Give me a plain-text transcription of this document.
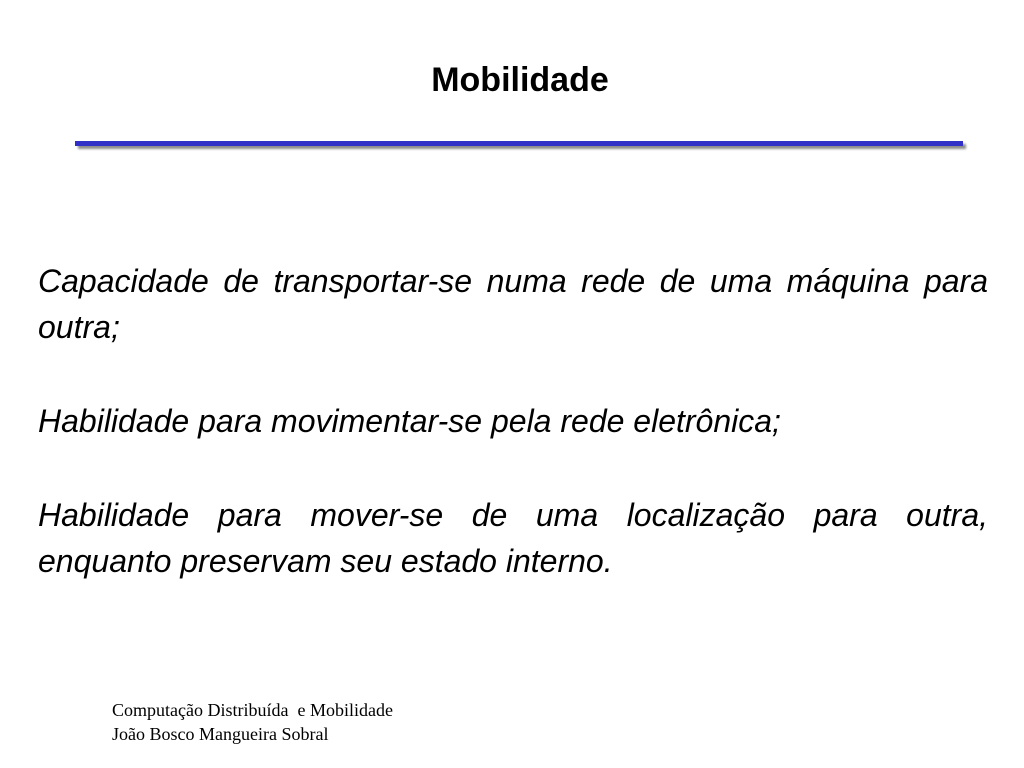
Mobilidade

Capacidade de transportar-se numa rede de uma máquina para outra;

Habilidade para movimentar-se pela rede eletrônica;

Habilidade para mover-se de uma localização para outra, enquanto preservam seu estado interno.

Computação Distribuída  e Mobilidade
João Bosco Mangueira Sobral
